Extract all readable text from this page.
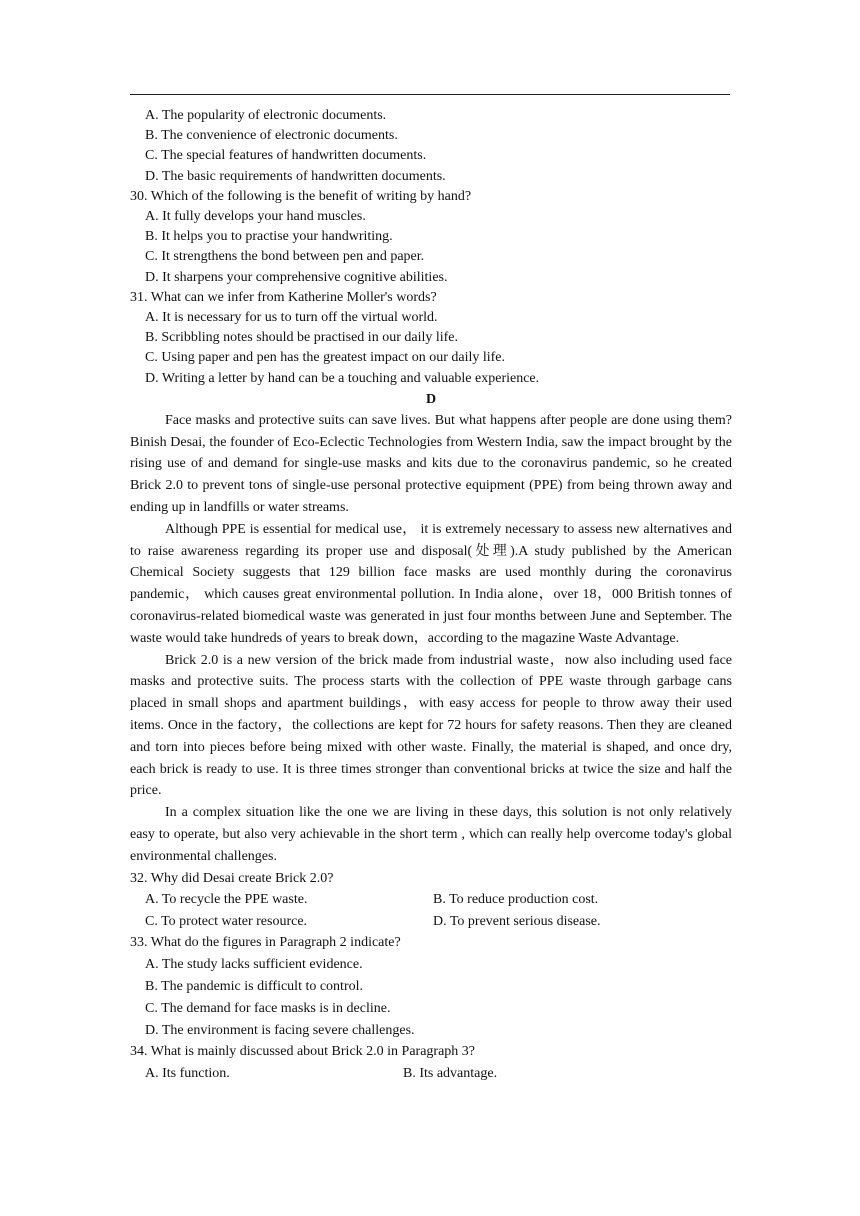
A. The popularity of electronic documents.
B. The convenience of electronic documents.
C. The special features of handwritten documents.
D. The basic requirements of handwritten documents.
30. Which of the following is the benefit of writing by hand?
A. It fully develops your hand muscles.
B. It helps you to practise your handwriting.
C. It strengthens the bond between pen and paper.
D. It sharpens your comprehensive cognitive abilities.
31. What can we infer from Katherine Moller's words?
A. It is necessary for us to turn off the virtual world.
B. Scribbling notes should be practised in our daily life.
C. Using paper and pen has the greatest impact on our daily life.
D. Writing a letter by hand can be a touching and valuable experience.
D

Face masks and protective suits can save lives. But what happens after people are done using them? Binish Desai, the founder of Eco-Eclectic Technologies from Western India, saw the impact brought by the rising use of and demand for single-use masks and kits due to the coronavirus pandemic, so he created Brick 2.0 to prevent tons of single-use personal protective equipment (PPE) from being thrown away and ending up in landfills or water streams.

Although PPE is essential for medical use， it is extremely necessary to assess new alternatives and to raise awareness regarding its proper use and disposal(处理).A study published by the American Chemical Society suggests that 129 billion face masks are used monthly during the coronavirus pandemic， which causes great environmental pollution. In India alone，over 18，000 British tonnes of coronavirus-related biomedical waste was generated in just four months between June and September. The waste would take hundreds of years to break down，according to the magazine Waste Advantage.

Brick 2.0 is a new version of the brick made from industrial waste，now also including used face masks and protective suits. The process starts with the collection of PPE waste through garbage cans placed in small shops and apartment buildings，with easy access for people to throw away their used items. Once in the factory，the collections are kept for 72 hours for safety reasons. Then they are cleaned and torn into pieces before being mixed with other waste. Finally, the material is shaped, and once dry, each brick is ready to use. It is three times stronger than conventional bricks at twice the size and half the price.

In a complex situation like the one we are living in these days, this solution is not only relatively easy to operate, but also very achievable in the short term , which can really help overcome today's global environmental challenges.

32. Why did Desai create Brick 2.0?
A. To recycle the PPE waste.	B. To reduce production cost.
C. To protect water resource.	D. To prevent serious disease.
33. What do the figures in Paragraph 2 indicate?
A. The study lacks sufficient evidence.
B. The pandemic is difficult to control.
C. The demand for face masks is in decline.
D. The environment is facing severe challenges.
34. What is mainly discussed about Brick 2.0 in Paragraph 3?
A. Its function.	B. Its advantage.
